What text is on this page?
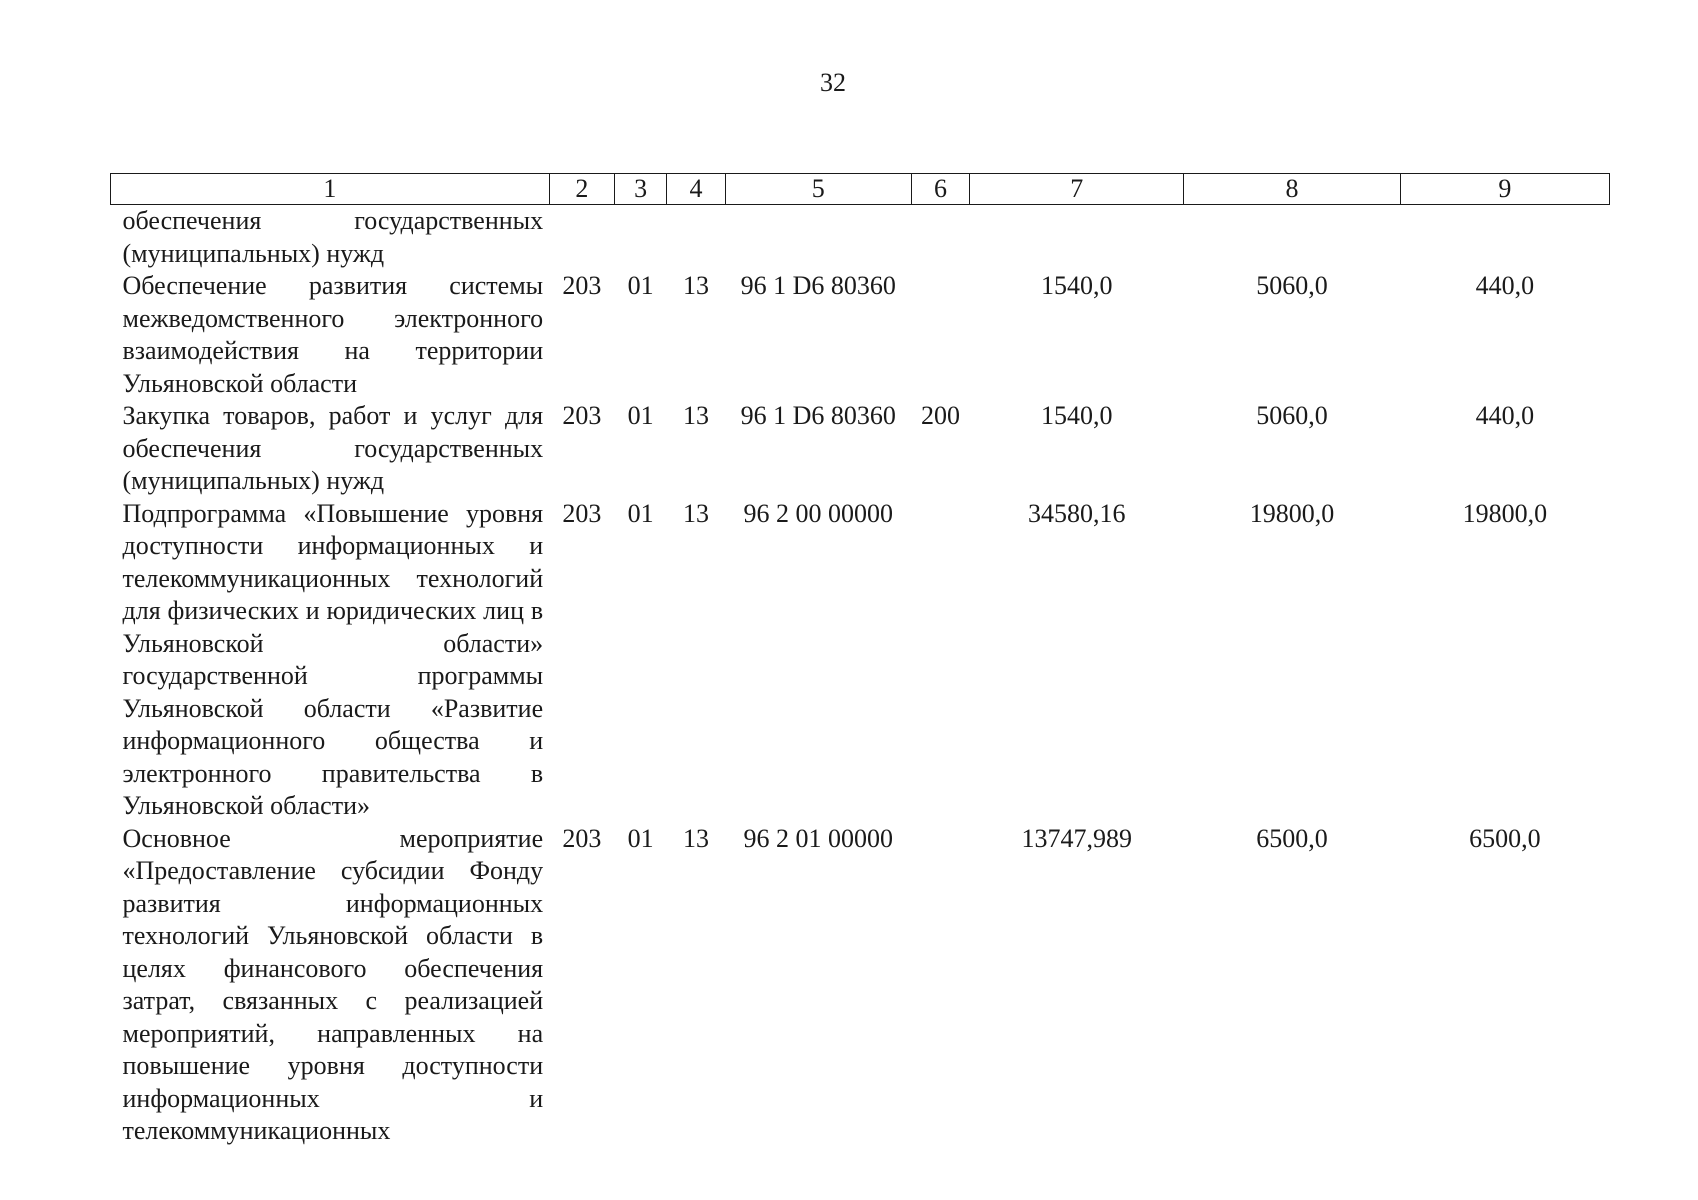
32
1	2	3	4	5	6	7	8	9
обеспечения государственных (муниципальных) нужд								
Обеспечение развития системы межведомственного электронного взаимодействия на территории Ульяновской области	203	01	13	96 1 D6 80360		1540,0	5060,0	440,0
Закупка товаров, работ и услуг для обеспечения государственных (муниципальных) нужд	203	01	13	96 1 D6 80360	200	1540,0	5060,0	440,0
Подпрограмма «Повышение уровня доступности информационных и телекоммуникационных технологий для физических и юридических лиц в Ульяновской области» государственной программы Ульяновской области «Развитие информационного общества и электронного правительства в Ульяновской области»	203	01	13	96 2 00 00000		34580,16	19800,0	19800,0
Основное мероприятие «Предоставление субсидии Фонду развития информационных технологий Ульяновской области в целях финансового обеспечения затрат, связанных с реализацией мероприятий, направленных на повышение уровня доступности информационных и телекоммуникационных	203	01	13	96 2 01 00000		13747,989	6500,0	6500,0
